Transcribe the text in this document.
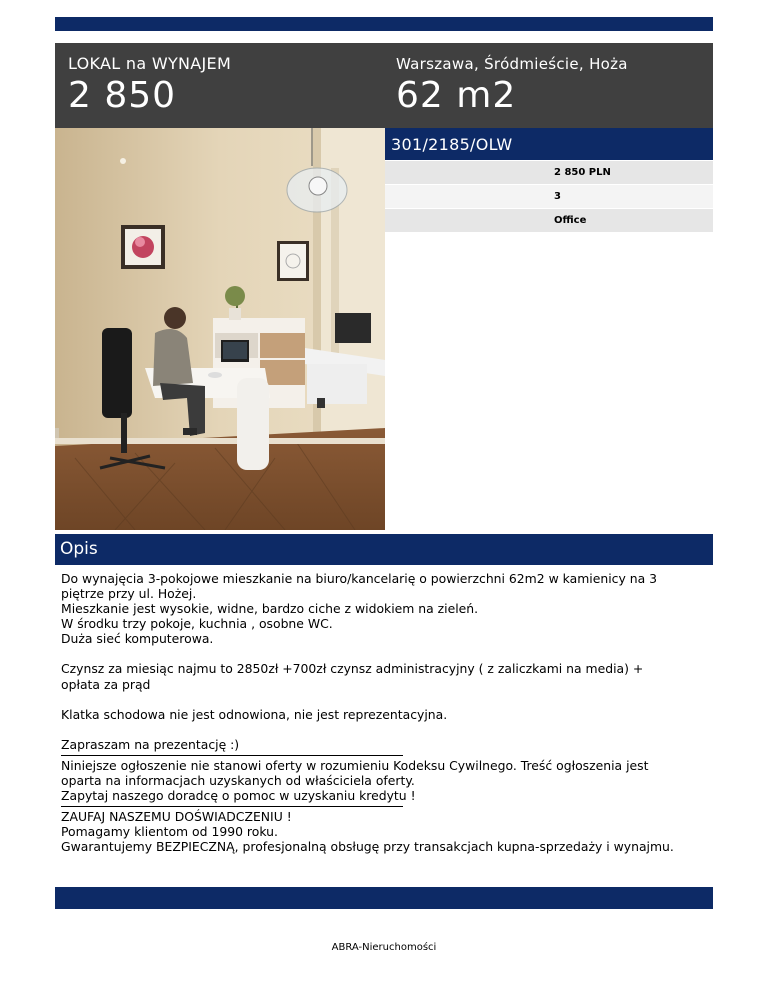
LOKAL na WYNAJEM
2 850
Warszawa, Śródmieście, Hoża
62 m2
301/2185/OLW
2 850 PLN
3
Office
Opis

Do wynajęcia 3-pokojowe mieszkanie na biuro/kancelarię o powierzchni 62m2 w kamienicy na 3

piętrze przy ul. Hożej.

Mieszkanie jest wysokie, widne, bardzo ciche z widokiem na zieleń.

W środku trzy pokoje, kuchnia , osobne WC.

Duża sieć komputerowa.

Czynsz za miesiąc najmu to 2850zł +700zł czynsz administracyjny ( z zaliczkami na media) +

opłata za prąd

Klatka schodowa nie jest odnowiona, nie jest reprezentacyjna.

Zapraszam na prezentację :)

Niniejsze ogłoszenie nie stanowi oferty w rozumieniu Kodeksu Cywilnego. Treść ogłoszenia jest

oparta na informacjach uzyskanych od właściciela oferty.

Zapytaj naszego doradcę o pomoc w uzyskaniu kredytu !

ZAUFAJ NASZEMU DOŚWIADCZENIU !

Pomagamy klientom od 1990 roku.

Gwarantujemy BEZPIECZNĄ, profesjonalną obsługę przy transakcjach kupna-sprzedaży i wynajmu.

ABRA-Nieruchomości
